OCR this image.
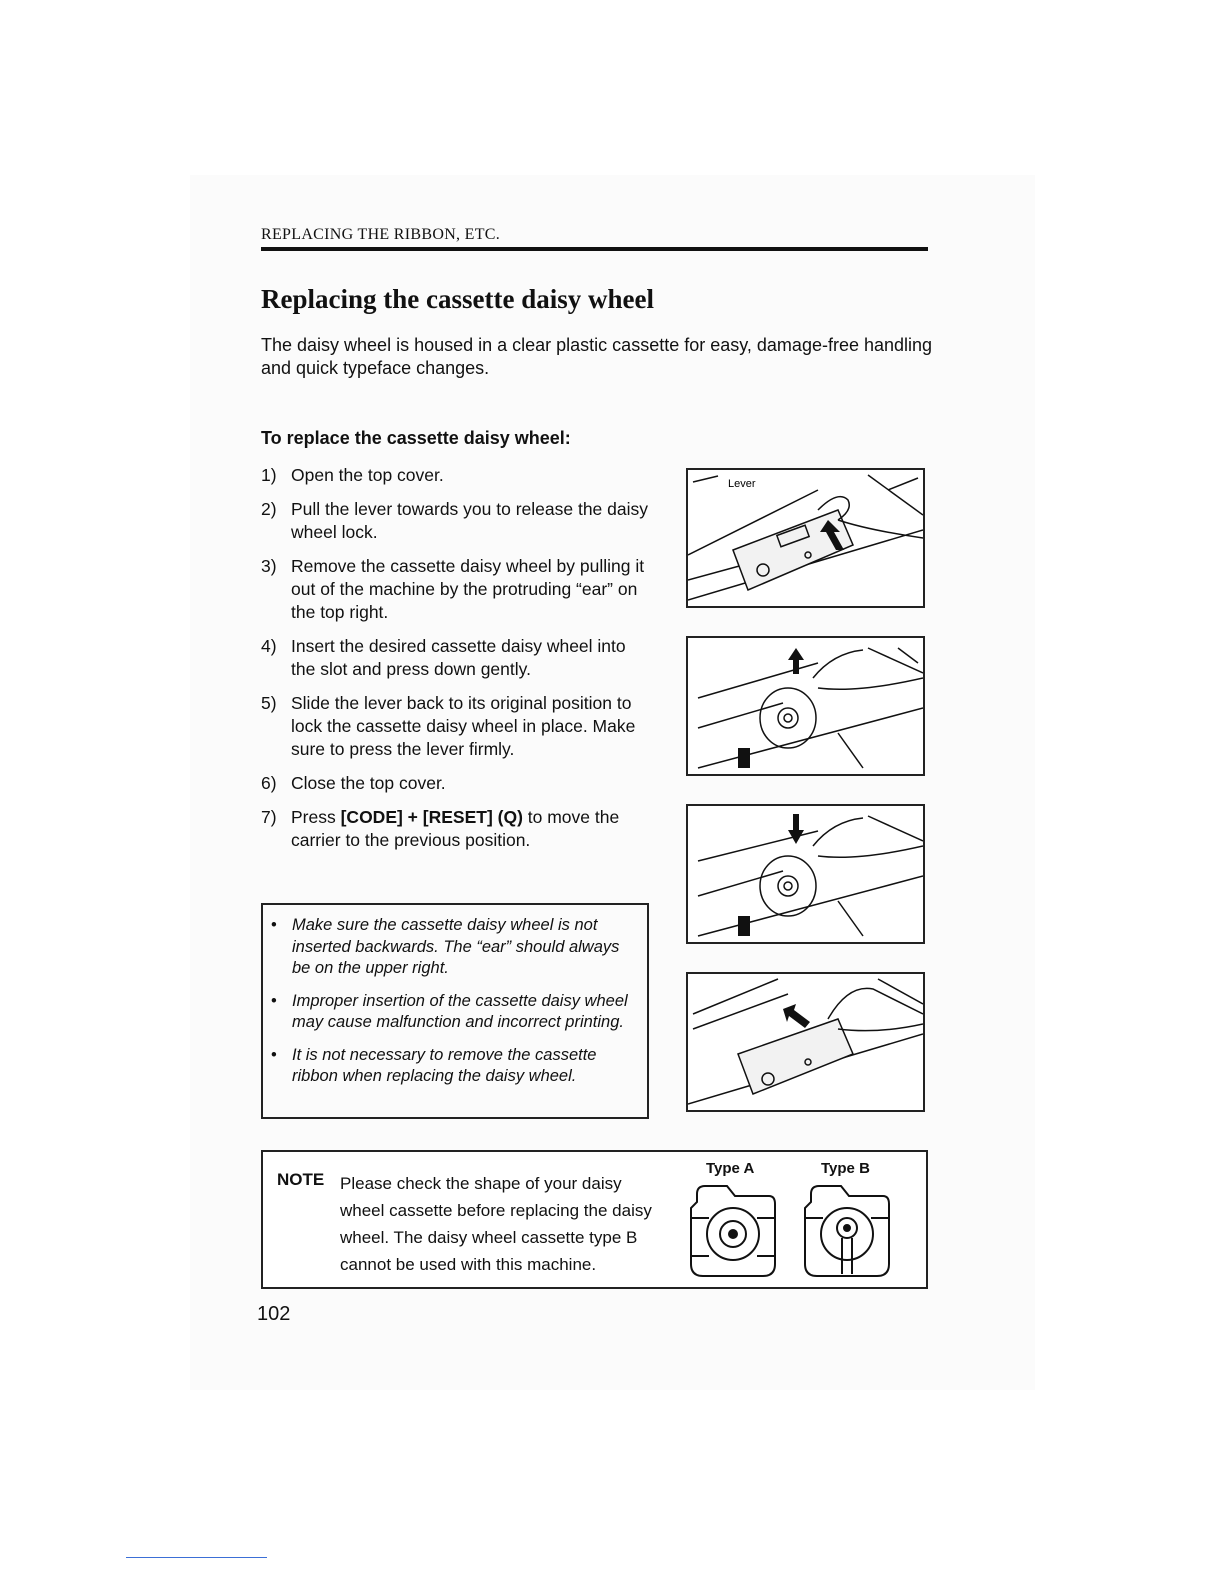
REPLACING THE RIBBON, ETC.
Replacing the cassette daisy wheel

The daisy wheel is housed in a clear plastic cassette for easy, damage-free handling and quick typeface changes.

To replace the cassette daisy wheel:

1) Open the top cover.
2) Pull the lever towards you to release the daisy wheel lock.
3) Remove the cassette daisy wheel by pulling it out of the machine by the protruding “ear” on the top right.
4) Insert the desired cassette daisy wheel into the slot and press down gently.
5) Slide the lever back to its original position to lock the cassette daisy wheel in place. Make sure to press the lever firmly.
6) Close the top cover.
7) Press [CODE] + [RESET] (Q) to move the carrier to the previous position.
• Make sure the cassette daisy wheel is not inserted backwards. The “ear” should always be on the upper right.
• Improper insertion of the cassette daisy wheel may cause malfunction and incorrect printing.
• It is not necessary to remove the cassette ribbon when replacing the daisy wheel.
Lever
NOTE Please check the shape of your daisy wheel cassette before replacing the daisy wheel. The daisy wheel cassette type B cannot be used with this machine.

Type A	Type B
102
